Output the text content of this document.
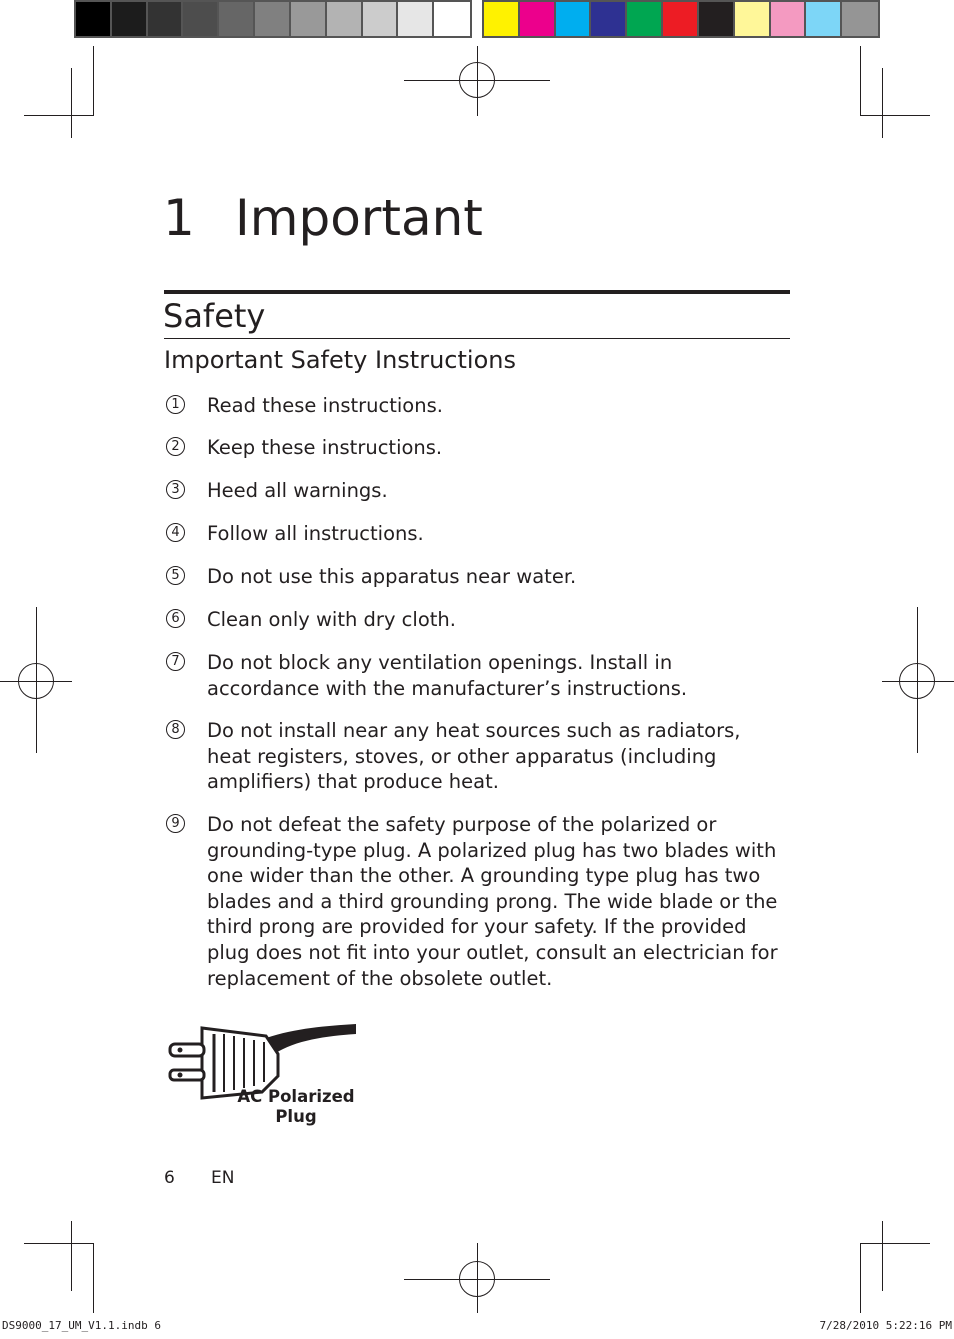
1 Important
Safety
Important Safety Instructions
1 Read these instructions.
2 Keep these instructions.
3 Heed all warnings.
4 Follow all instructions.
5 Do not use this apparatus near water.
6 Clean only with dry cloth.
7 Do not block any ventilation openings. Install in accordance with the manufacturer’s instructions.
8 Do not install near any heat sources such as radiators, heat registers, stoves, or other apparatus (including amplifiers) that produce heat.
9 Do not defeat the safety purpose of the polarized or grounding-type plug. A polarized plug has two blades with one wider than the other. A grounding type plug has two blades and a third grounding prong. The wide blade or the third prong are provided for your safety. If the provided plug does not fit into your outlet, consult an electrician for replacement of the obsolete outlet.
AC Polarized
Plug
6 EN
DS9000_17_UM_V1.1.indb 6	7/28/2010 5:22:16 PM
